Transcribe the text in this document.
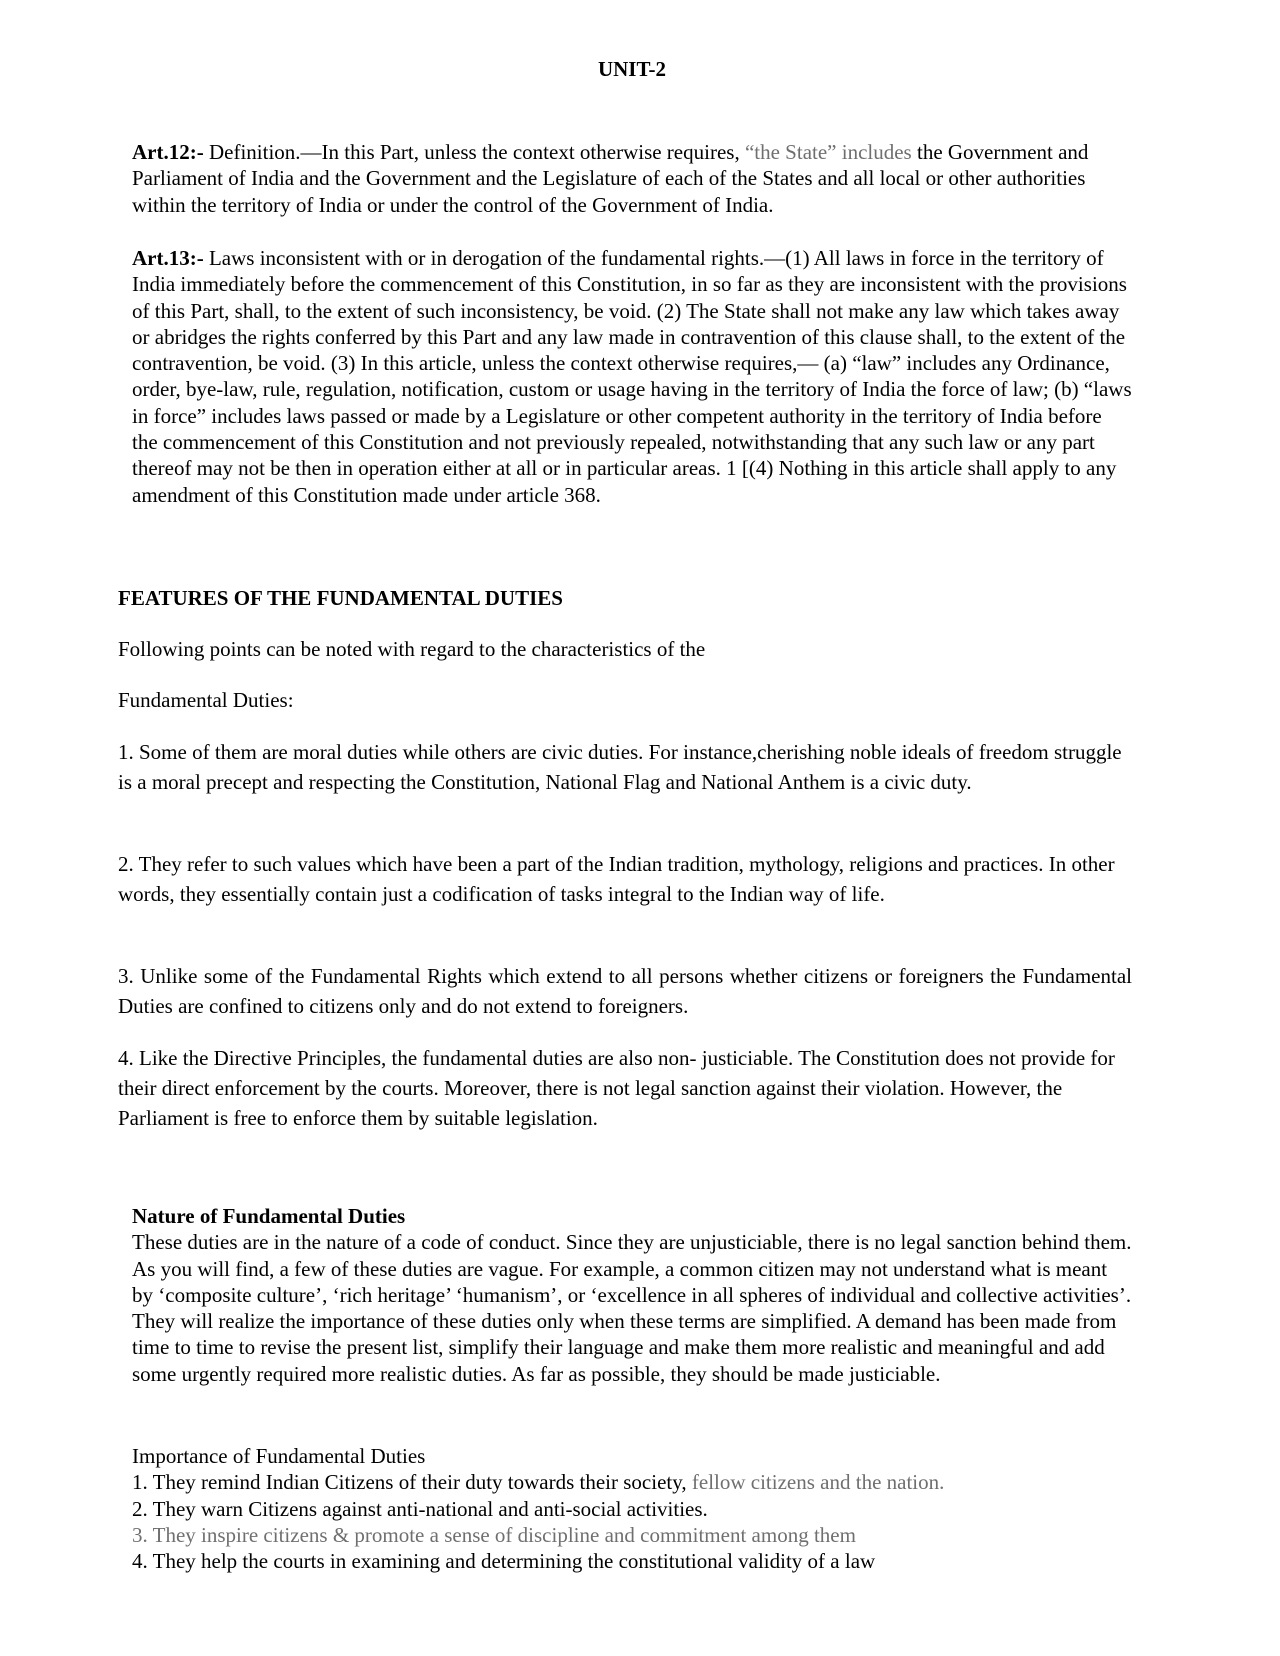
UNIT-2

Art.12:- Definition.—In this Part, unless the context otherwise requires, “the State” includes the Government and Parliament of India and the Government and the Legislature of each of the States and all local or other authorities within the territory of India or under the control of the Government of India.

Art.13:- Laws inconsistent with or in derogation of the fundamental rights.—(1) All laws in force in the territory of India immediately before the commencement of this Constitution, in so far as they are inconsistent with the provisions of this Part, shall, to the extent of such inconsistency, be void. (2) The State shall not make any law which takes away or abridges the rights conferred by this Part and any law made in contravention of this clause shall, to the extent of the contravention, be void. (3) In this article, unless the context otherwise requires,— (a) “law” includes any Ordinance, order, bye-law, rule, regulation, notification, custom or usage having in the territory of India the force of law; (b) “laws in force” includes laws passed or made by a Legislature or other competent authority in the territory of India before the commencement of this Constitution and not previously repealed, notwithstanding that any such law or any part thereof may not be then in operation either at all or in particular areas. 1 [(4) Nothing in this article shall apply to any amendment of this Constitution made under article 368.

FEATURES OF THE FUNDAMENTAL DUTIES

Following points can be noted with regard to the characteristics of the

Fundamental Duties:

1. Some of them are moral duties while others are civic duties. For instance,cherishing noble ideals of freedom struggle is a moral precept and respecting the Constitution, National Flag and National Anthem is a civic duty.

2. They refer to such values which have been a part of the Indian tradition, mythology, religions and practices. In other words, they essentially contain just a codification of tasks integral to the Indian way of life.

3. Unlike some of the Fundamental Rights which extend to all persons whether citizens or foreigners the Fundamental Duties are confined to citizens only and do not extend to foreigners.

4. Like the Directive Principles, the fundamental duties are also non- justiciable. The Constitution does not provide for their direct enforcement by the courts. Moreover, there is not legal sanction against their violation. However, the Parliament is free to enforce them by suitable legislation.

Nature of Fundamental Duties
These duties are in the nature of a code of conduct. Since they are unjusticiable, there is no legal sanction behind them. As you will find, a few of these duties are vague. For example, a common citizen may not understand what is meant by ‘composite culture’, ‘rich heritage’ ‘humanism’, or ‘excellence in all spheres of individual and collective activities’. They will realize the importance of these duties only when these terms are simplified. A demand has been made from time to time to revise the present list, simplify their language and make them more realistic and meaningful and add some urgently required more realistic duties. As far as possible, they should be made justiciable.
Importance of Fundamental Duties
1. They remind Indian Citizens of their duty towards their society, fellow citizens and the nation.
2. They warn Citizens against anti-national and anti-social activities.
3. They inspire citizens & promote a sense of discipline and commitment among them
4. They help the courts in examining and determining the constitutional validity of a law
